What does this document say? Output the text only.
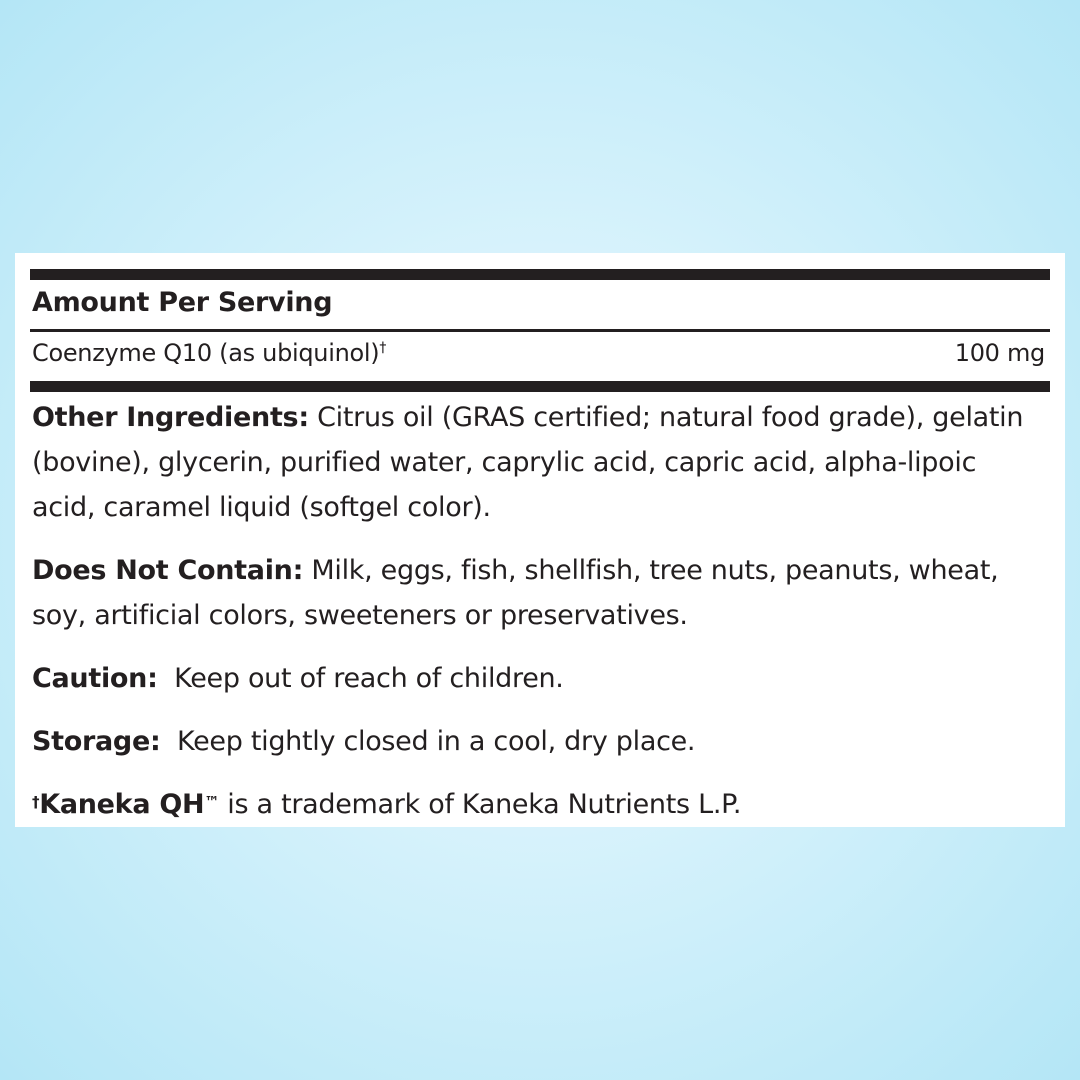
Amount Per Serving
Coenzyme Q10 (as ubiquinol)†	100 mg
Other Ingredients: Citrus oil (GRAS certified; natural food grade), gelatin (bovine), glycerin, purified water, caprylic acid, capric acid, alpha-lipoic acid, caramel liquid (softgel color).
Does Not Contain: Milk, eggs, fish, shellfish, tree nuts, peanuts, wheat, soy, artificial colors, sweeteners or preservatives.
Caution:  Keep out of reach of children.
Storage:  Keep tightly closed in a cool, dry place.
†Kaneka QH™ is a trademark of Kaneka Nutrients L.P.
